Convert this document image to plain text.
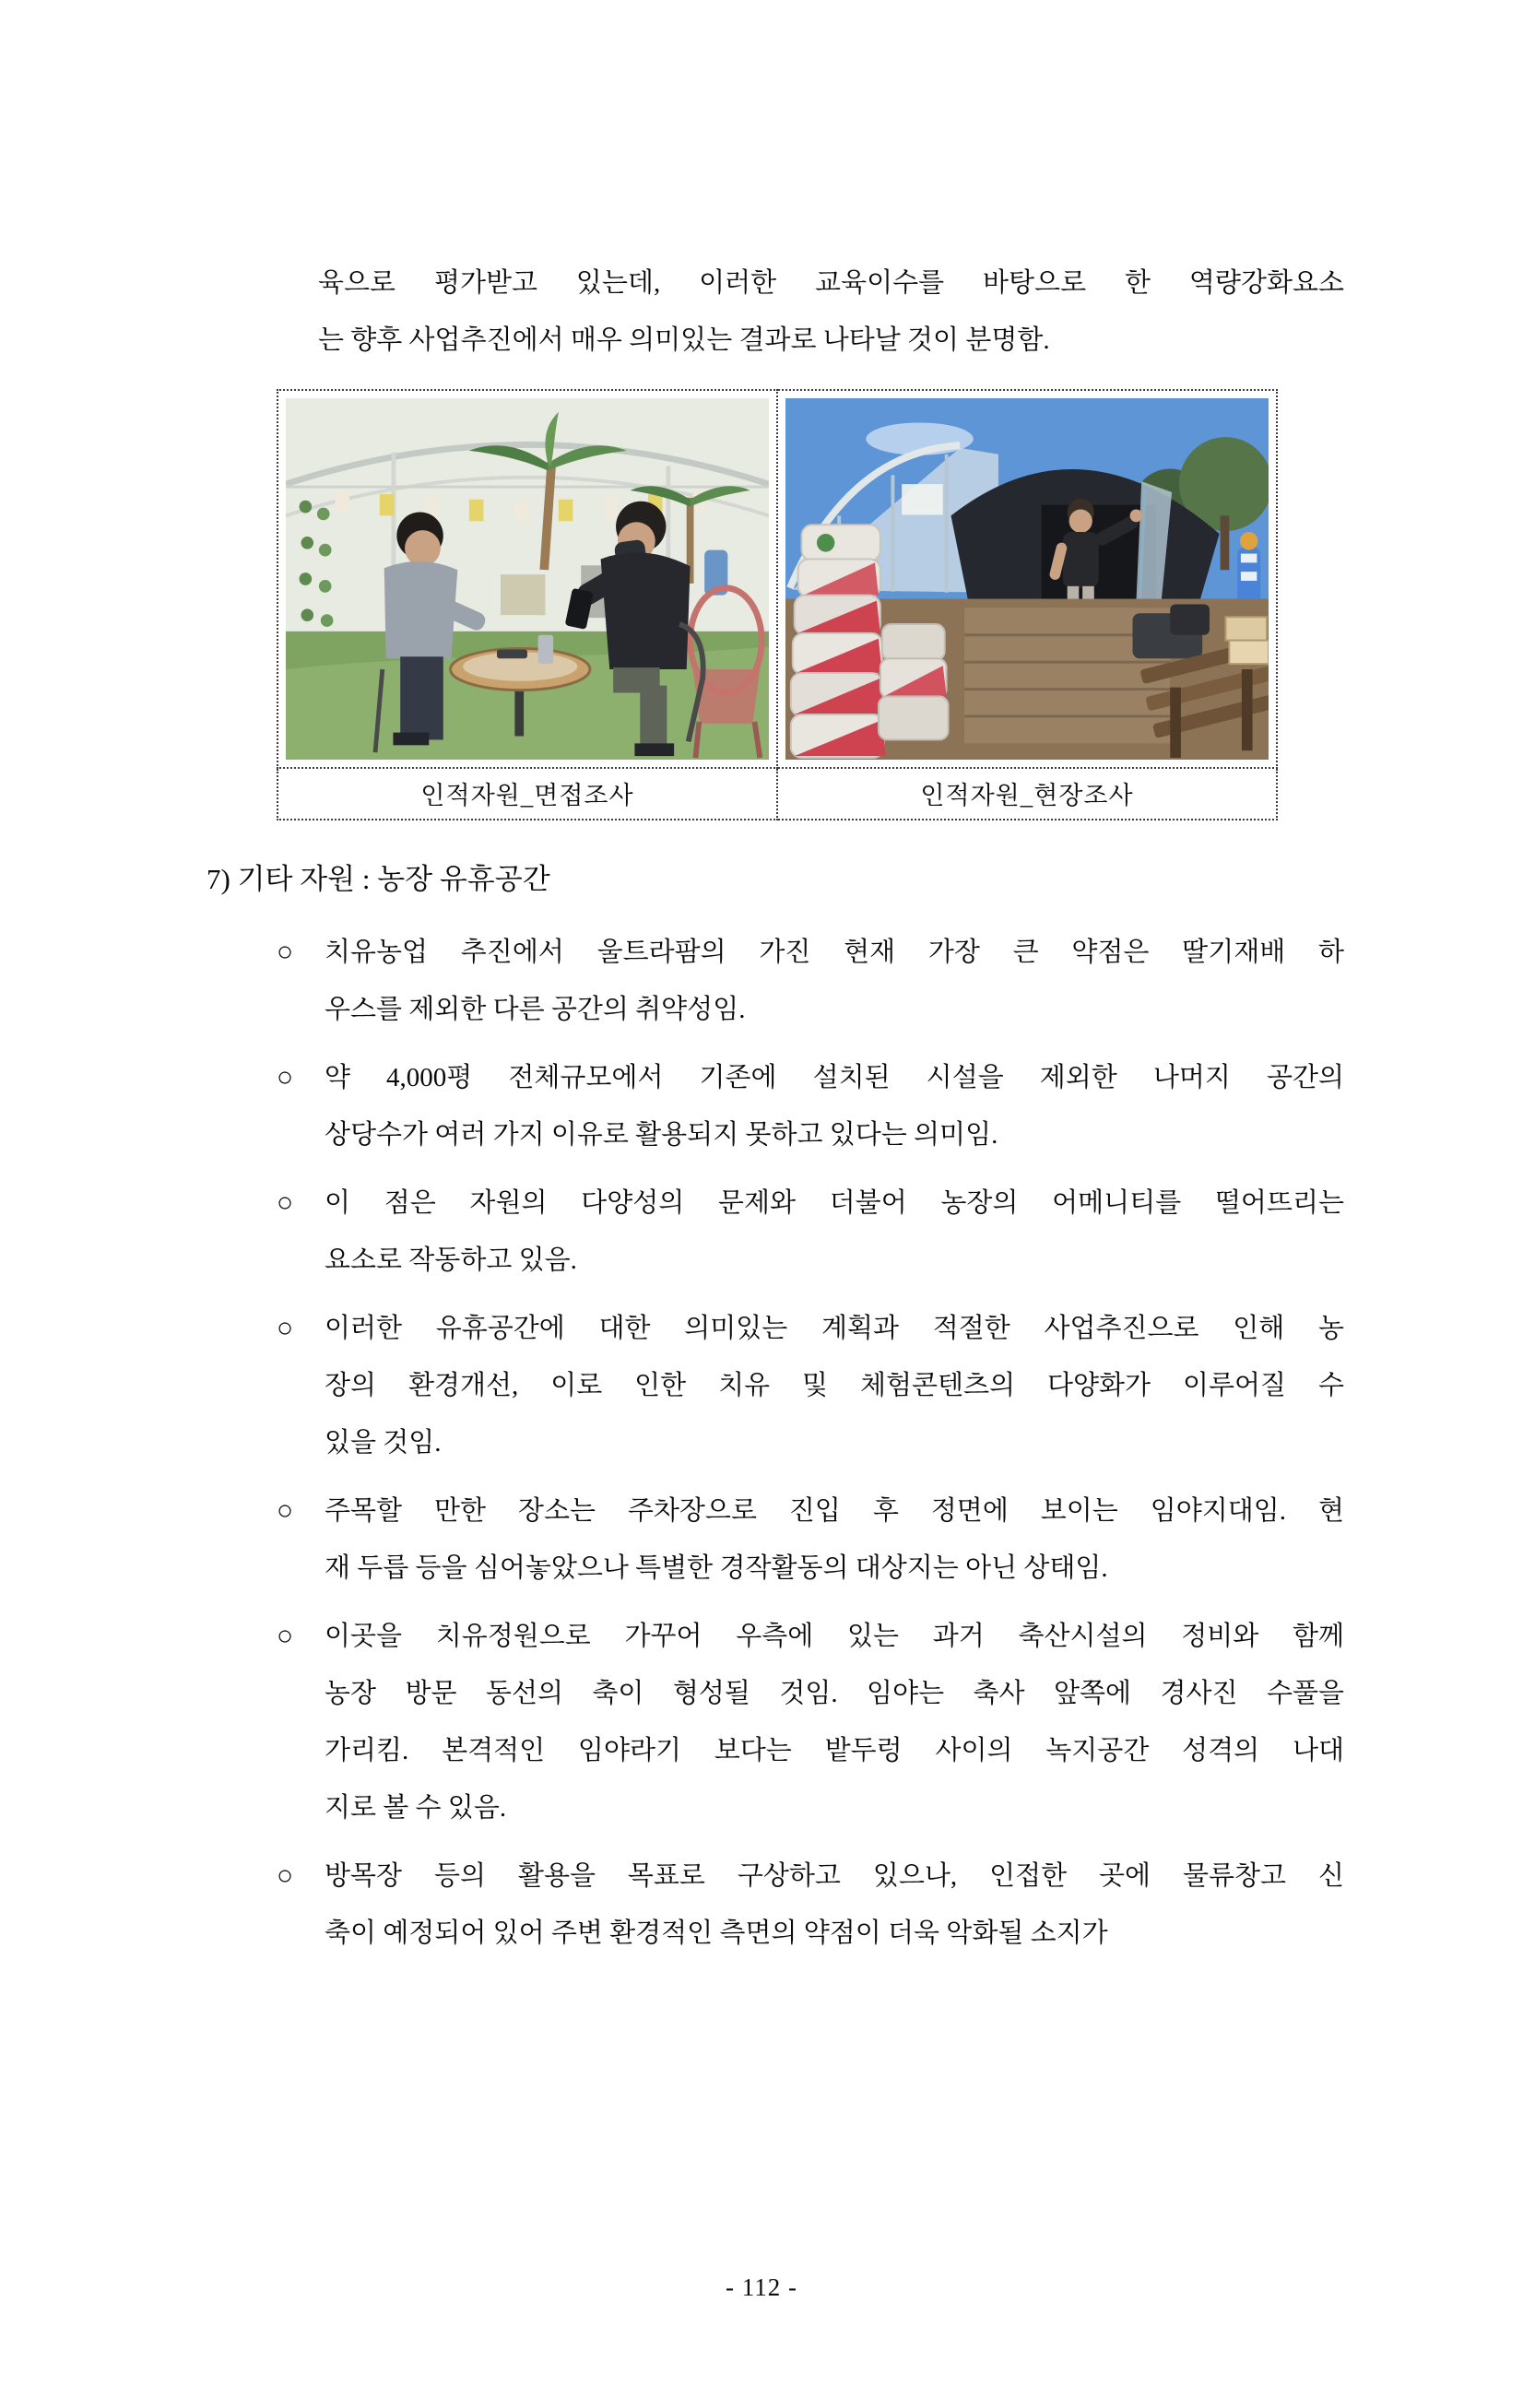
육으로 평가받고 있는데, 이러한 교육이수를 바탕으로 한 역량강화요소
는 향후 사업추진에서 매우 의미있는 결과로 나타날 것이 분명함.

인적자원_면접조사	인적자원_현장조사
7) 기타 자원 : 농장 유휴공간
○	치유농업 추진에서 울트라팜의 가진 현재 가장 큰 약점은 딸기재배 하
우스를 제외한 다른 공간의 취약성임.
○	약 4,000평 전체규모에서 기존에 설치된 시설을 제외한 나머지 공간의
상당수가 여러 가지 이유로 활용되지 못하고 있다는 의미임.
○	이 점은 자원의 다양성의 문제와 더불어 농장의 어메니티를 떨어뜨리는
요소로 작동하고 있음.
○	이러한 유휴공간에 대한 의미있는 계획과 적절한 사업추진으로 인해 농
장의 환경개선, 이로 인한 치유 및 체험콘텐츠의 다양화가 이루어질 수
있을 것임.
○	주목할 만한 장소는 주차장으로 진입 후 정면에 보이는 임야지대임. 현
재 두릅 등을 심어놓았으나 특별한 경작활동의 대상지는 아닌 상태임.
○	이곳을 치유정원으로 가꾸어 우측에 있는 과거 축산시설의 정비와 함께
농장 방문 동선의 축이 형성될 것임. 임야는 축사 앞쪽에 경사진 수풀을
가리킴. 본격적인 임야라기 보다는 밭두렁 사이의 녹지공간 성격의 나대
지로 볼 수 있음.
○	방목장 등의 활용을 목표로 구상하고 있으나, 인접한 곳에 물류창고 신
축이 예정되어 있어 주변 환경적인 측면의 약점이 더욱 악화될 소지가
- 112 -
